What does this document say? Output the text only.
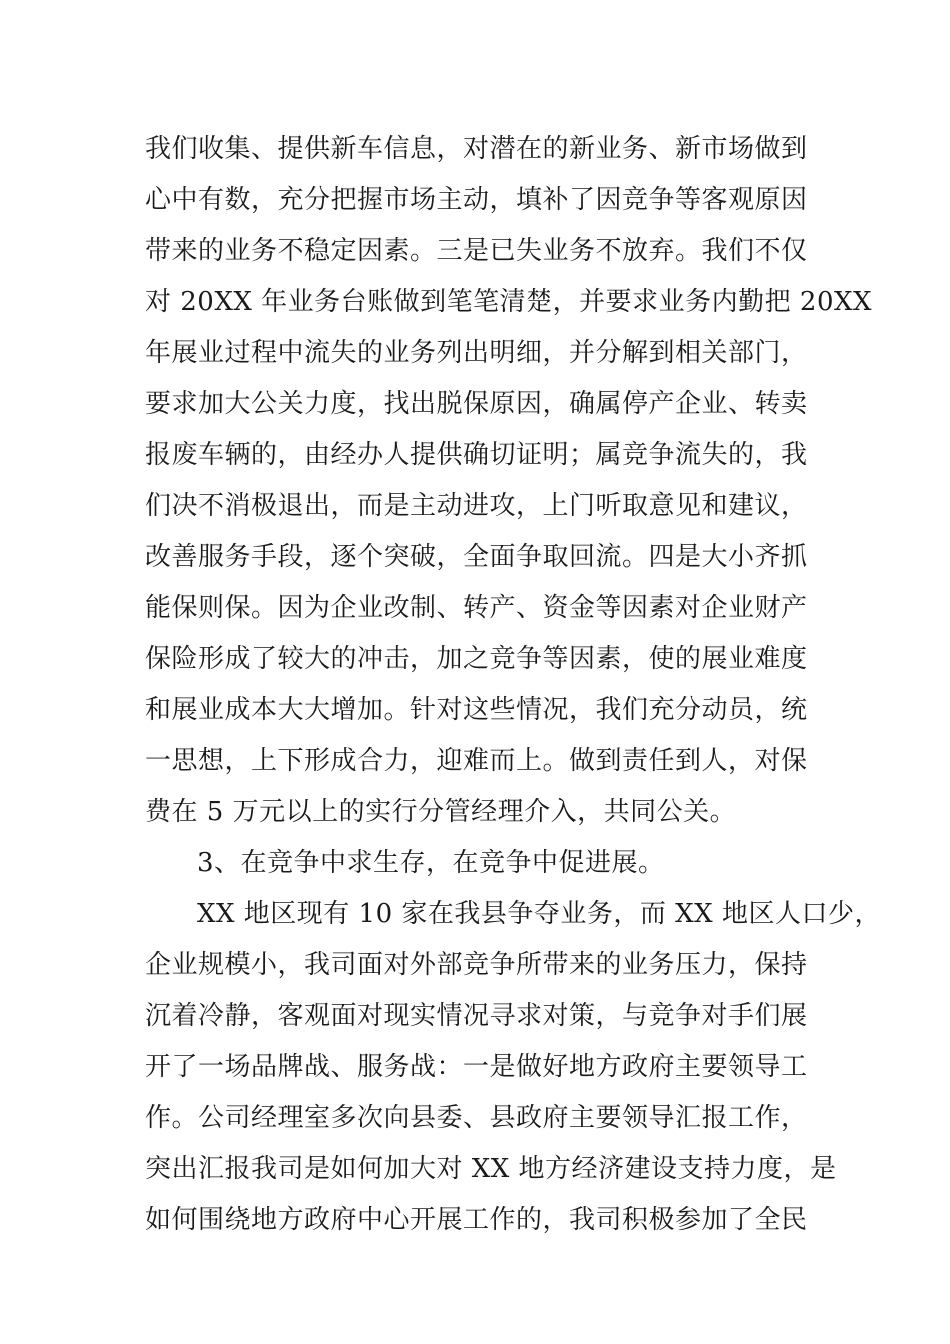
我们收集、提供新车信息，对潜在的新业务、新市场做到
心中有数，充分把握市场主动，填补了因竞争等客观原因
带来的业务不稳定因素。三是已失业务不放弃。我们不仅
对 20XX 年业务台账做到笔笔清楚，并要求业务内勤把 20XX
年展业过程中流失的业务列出明细，并分解到相关部门，
要求加大公关力度，找出脱保原因，确属停产企业、转卖
报废车辆的，由经办人提供确切证明；属竞争流失的，我
们决不消极退出，而是主动进攻，上门听取意见和建议，
改善服务手段，逐个突破，全面争取回流。四是大小齐抓
能保则保。因为企业改制、转产、资金等因素对企业财产
保险形成了较大的冲击，加之竞争等因素，使的展业难度
和展业成本大大增加。针对这些情况，我们充分动员，统
一思想，上下形成合力，迎难而上。做到责任到人，对保
费在 5 万元以上的实行分管经理介入，共同公关。
3、在竞争中求生存，在竞争中促进展。
XX 地区现有 10 家在我县争夺业务，而 XX 地区人口少，
企业规模小，我司面对外部竞争所带来的业务压力，保持
沉着冷静，客观面对现实情况寻求对策，与竞争对手们展
开了一场品牌战、服务战：一是做好地方政府主要领导工
作。公司经理室多次向县委、县政府主要领导汇报工作，
突出汇报我司是如何加大对 XX 地方经济建设支持力度，是
如何围绕地方政府中心开展工作的，我司积极参加了全民
